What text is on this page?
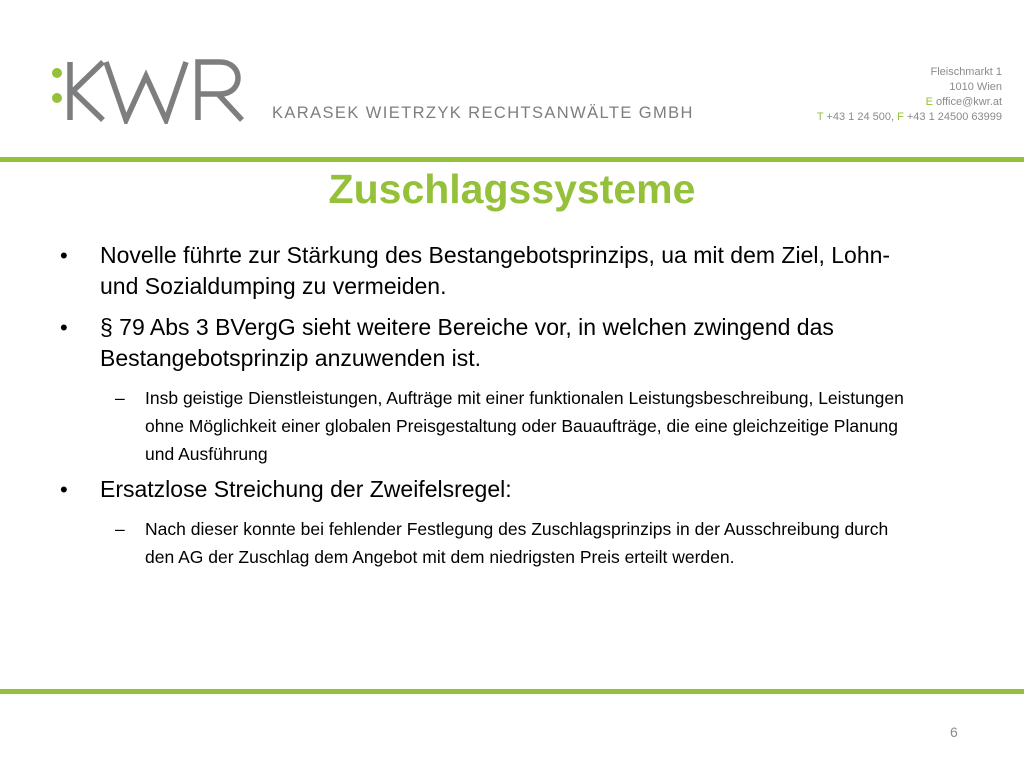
KARASEK WIETRZYK RECHTSANWÄLTE GMBH
Fleischmarkt 1
1010 Wien
E office@kwr.at
T +43 1 24 500, F +43 1 24500 63999
Zuschlagssysteme
• Novelle führte zur Stärkung des Bestangebotsprinzips, ua mit dem Ziel, Lohn- und Sozialdumping zu vermeiden.
• § 79 Abs 3 BVergG sieht weitere Bereiche vor, in welchen zwingend das Bestangebotsprinzip anzuwenden ist.
– Insb geistige Dienstleistungen, Aufträge mit einer funktionalen Leistungsbeschreibung, Leistungen ohne Möglichkeit einer globalen Preisgestaltung oder Bauaufträge, die eine gleichzeitige Planung und Ausführung
• Ersatzlose Streichung der Zweifelsregel:
– Nach dieser konnte bei fehlender Festlegung des Zuschlagsprinzips in der Ausschreibung durch den AG der Zuschlag dem Angebot mit dem niedrigsten Preis erteilt werden.
6
